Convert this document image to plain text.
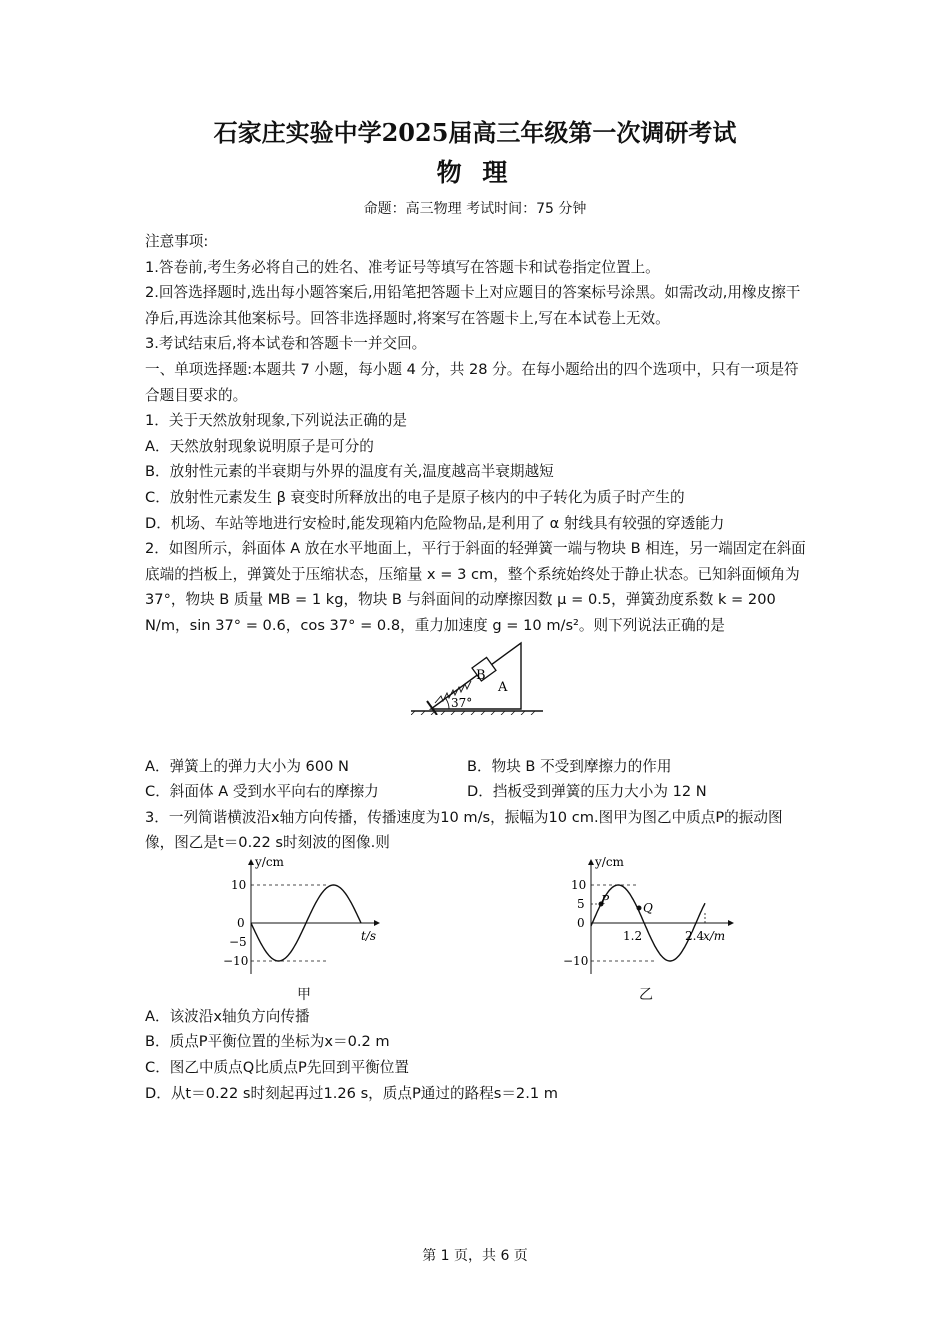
石家庄实验中学2025届高三年级第一次调研考试
物 理
命题：高三物理 考试时间：75 分钟

注意事项:

1.答卷前,考生务必将自己的姓名、准考证号等填写在答题卡和试卷指定位置上。

2.回答选择题时,选出每小题答案后,用铅笔把答题卡上对应题目的答案标号涂黑。如需改动,用橡皮擦干净后,再选涂其他案标号。回答非选择题时,将案写在答题卡上,写在本试卷上无效。

3.考试结束后,将本试卷和答题卡一并交回。

一、单项选择题:本题共 7 小题，每小题 4 分，共 28 分。在每小题给出的四个选项中，只有一项是符合题目要求的。

1．关于天然放射现象,下列说法正确的是

A．天然放射现象说明原子是可分的

B．放射性元素的半衰期与外界的温度有关,温度越高半衰期越短

C．放射性元素发生 β 衰变时所释放出的电子是原子核内的中子转化为质子时产生的

D．机场、车站等地进行安检时,能发现箱内危险物品,是利用了 α 射线具有较强的穿透能力

2．如图所示，斜面体 A 放在水平地面上，平行于斜面的轻弹簧一端与物块 B 相连，另一端固定在斜面底端的挡板上，弹簧处于压缩状态，压缩量 x = 3 cm，整个系统始终处于静止状态。已知斜面倾角为 37°，物块 B 质量 MB = 1 kg，物块 B 与斜面间的动摩擦因数 μ = 0.5，弹簧劲度系数 k = 200 N/m，sin 37° = 0.6，cos 37° = 0.8，重力加速度 g = 10 m/s²。则下列说法正确的是

B
A
37°
A．弹簧上的弹力大小为 600 N	B．物块 B 不受到摩擦力的作用
C．斜面体 A 受到水平向右的摩擦力	D．挡板受到弹簧的压力大小为 12 N

3．一列简谐横波沿x轴方向传播，传播速度为10 m/s，振幅为10 cm.图甲为图乙中质点P的振动图像，图乙是t＝0.22 s时刻波的图像.则

y/cm
t/s
10
0
−5
−10
甲
P
Q
y/cm
x/m
10
5
0
−10
1.2	2.4
乙

A．该波沿x轴负方向传播

B．质点P平衡位置的坐标为x＝0.2 m

C．图乙中质点Q比质点P先回到平衡位置

D．从t＝0.22 s时刻起再过1.26 s，质点P通过的路程s＝2.1 m

第 1 页，共 6 页
